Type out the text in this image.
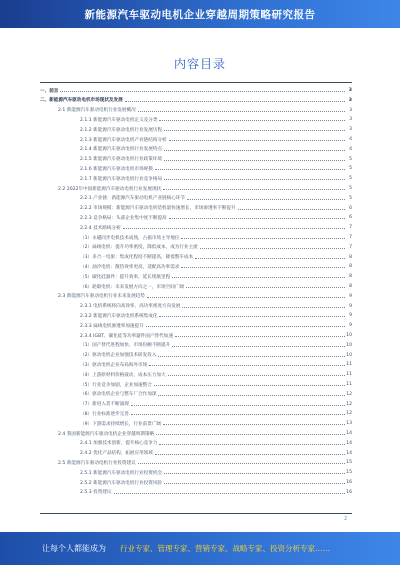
新能源汽车驱动电机企业穿越周期策略研究报告
内容目录
一、前言	3
二、新能源汽车驱动电机市场现状及发展	3
2.1 新能源汽车驱动电机行业发展概况	3
2.1.1 新能源汽车驱动电机定义及分类	3
2.1.2 新能源汽车驱动电机行业发展历程	3
2.1.3 新能源汽车驱动电机产业链结构分析	4
2.1.4 新能源汽车驱动电机行业发展特点	4
2.1.5 新能源汽车驱动电机行业政策环境	5
2.1.6 新能源汽车驱动电机市场规模	5
2.1.7 新能源汽车驱动电机行业竞争格局	5
2.2 2022年中国新能源汽车驱动电机行业发展现状	5
2.2.1 产业链：新能源汽车驱动电机产业链核心环节	5
2.2.2 市场规模：新能源汽车驱动电机装机量快速增长，市场渗透率不断提升	6
2.2.3 竞争格局：头部企业集中度不断提高	6
2.2.4 技术路线分析	7
（1）永磁同步电机技术成熟，占据市场主导地位	7
（2）扁线电机：提升功率密度，降低成本，成为行业主流	7
（3）多合一电驱：集成化程度不断提高，降低整车成本	8
（4）油冷电机：散热效率更高，适配高功率需求	8
（5）碳化硅器件：提升效率，延长续航里程	8
（6）轮毂电机：未来发展方向之一，市场空间广阔	8
2.3 新能源汽车驱动电机行业未来发展趋势	9
2.3.1 电机系统将向高效率、高功率密度方向发展	9
2.3.2 新能源汽车驱动电机系统集成化	9
2.3.3 扁线电机渗透率加速提升	9
2.3.4 IGBT、碳化硅等功率器件国产替代加速	10
（1）国产替代进程加快，市场份额不断提升	10
（2）驱动电机企业加强技术研发投入	10
（3）驱动电机企业布局海外市场	11
（4）上游原材料价格波动，成本压力加大	11
（5）行业竞争加剧，企业加速整合	11
（6）驱动电机企业与整车厂合作加深	12
（7）新进入者不断涌现	12
（8）行业标准逐步完善	12
（9）下游需求持续增长，行业前景广阔	13
2.4 我国新能源汽车驱动电机企业穿越周期策略	14
2.4.1 加强技术创新，提升核心竞争力	14
2.4.2 优化产品结构，拓展应用领域	14
2.5 新能源汽车驱动电机行业投资建议	15
2.5.1 新能源汽车驱动电机行业投资机会	15
2.5.2 新能源汽车驱动电机行业投资风险	16
2.5.3 投资建议	16
2
让每个人都能成为 行业专家、管理专家、营销专家、战略专家、投资分析专家……
